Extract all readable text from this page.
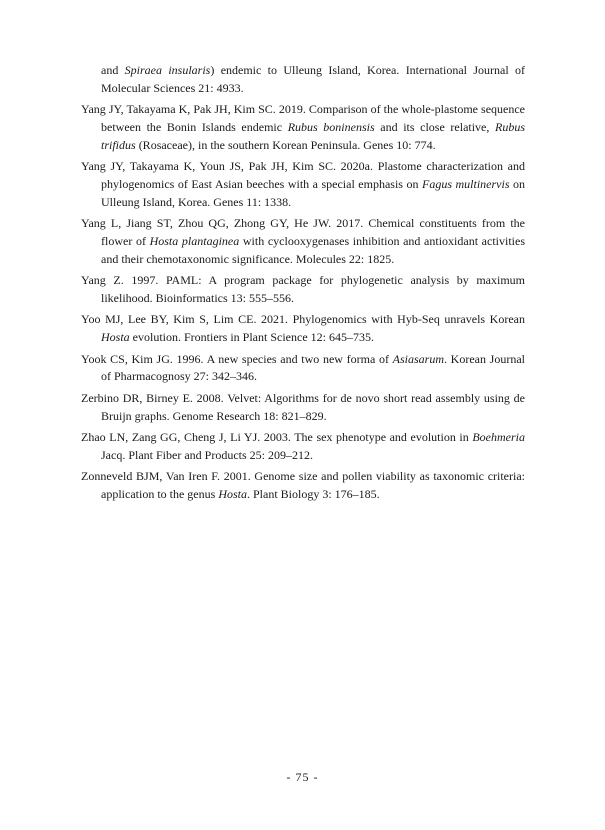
and Spiraea insularis) endemic to Ulleung Island, Korea. International Journal of Molecular Sciences 21: 4933.

Yang JY, Takayama K, Pak JH, Kim SC. 2019. Comparison of the whole-plastome sequence between the Bonin Islands endemic Rubus boninensis and its close relative, Rubus trifidus (Rosaceae), in the southern Korean Peninsula. Genes 10: 774.

Yang JY, Takayama K, Youn JS, Pak JH, Kim SC. 2020a. Plastome characterization and phylogenomics of East Asian beeches with a special emphasis on Fagus multinervis on Ulleung Island, Korea. Genes 11: 1338.

Yang L, Jiang ST, Zhou QG, Zhong GY, He JW. 2017. Chemical constituents from the flower of Hosta plantaginea with cyclooxygenases inhibition and antioxidant activities and their chemotaxonomic significance. Molecules 22: 1825.

Yang Z. 1997. PAML: A program package for phylogenetic analysis by maximum likelihood. Bioinformatics 13: 555–556.

Yoo MJ, Lee BY, Kim S, Lim CE. 2021. Phylogenomics with Hyb-Seq unravels Korean Hosta evolution. Frontiers in Plant Science 12: 645–735.

Yook CS, Kim JG. 1996. A new species and two new forma of Asiasarum. Korean Journal of Pharmacognosy 27: 342–346.

Zerbino DR, Birney E. 2008. Velvet: Algorithms for de novo short read assembly using de Bruijn graphs. Genome Research 18: 821–829.

Zhao LN, Zang GG, Cheng J, Li YJ. 2003. The sex phenotype and evolution in Boehmeria Jacq. Plant Fiber and Products 25: 209–212.

Zonneveld BJM, Van Iren F. 2001. Genome size and pollen viability as taxonomic criteria: application to the genus Hosta. Plant Biology 3: 176–185.

- 75 -
